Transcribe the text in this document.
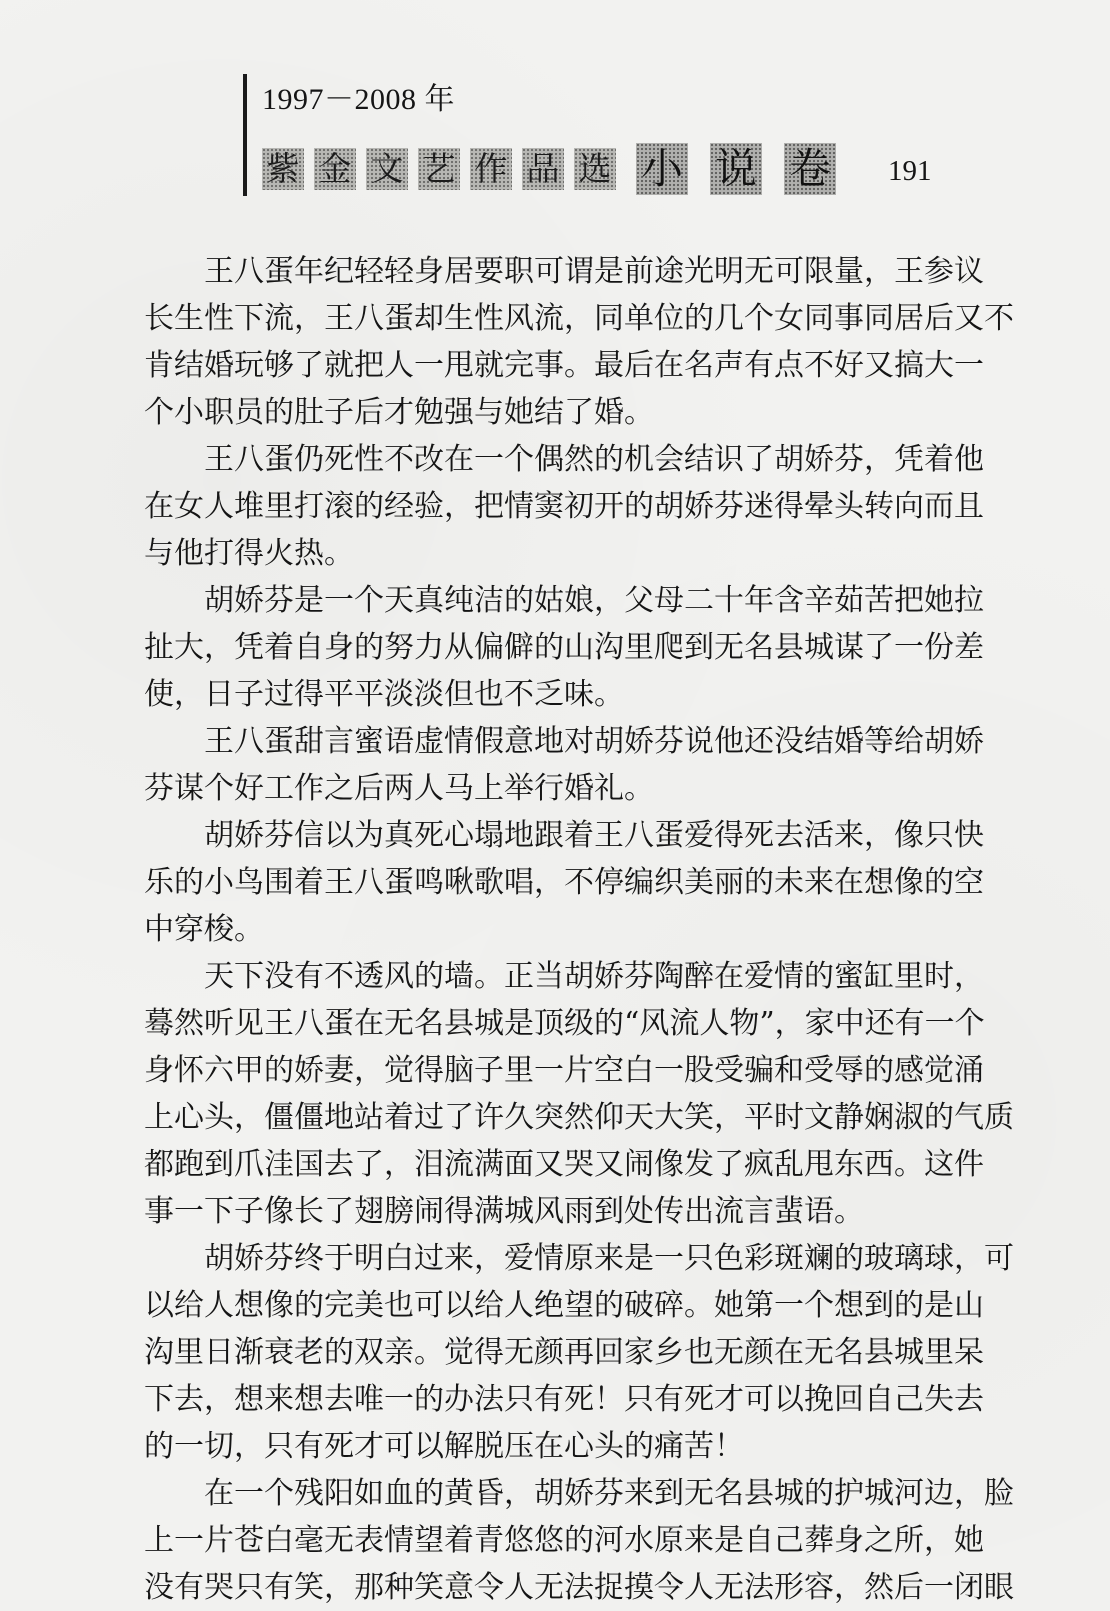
1997－2008 年
紫 金 文 艺 作 品 选 小 说 卷 191
王八蛋年纪轻轻身居要职可谓是前途光明无可限量，王参议
长生性下流，王八蛋却生性风流，同单位的几个女同事同居后又不
肯结婚玩够了就把人一甩就完事。最后在名声有点不好又搞大一
个小职员的肚子后才勉强与她结了婚。
王八蛋仍死性不改在一个偶然的机会结识了胡娇芬，凭着他
在女人堆里打滚的经验，把情窦初开的胡娇芬迷得晕头转向而且
与他打得火热。
胡娇芬是一个天真纯洁的姑娘，父母二十年含辛茹苦把她拉
扯大，凭着自身的努力从偏僻的山沟里爬到无名县城谋了一份差
使，日子过得平平淡淡但也不乏味。
王八蛋甜言蜜语虚情假意地对胡娇芬说他还没结婚等给胡娇
芬谋个好工作之后两人马上举行婚礼。
胡娇芬信以为真死心塌地跟着王八蛋爱得死去活来，像只快
乐的小鸟围着王八蛋鸣啾歌唱，不停编织美丽的未来在想像的空
中穿梭。
天下没有不透风的墙。正当胡娇芬陶醉在爱情的蜜缸里时，
蓦然听见王八蛋在无名县城是顶级的“风流人物”，家中还有一个
身怀六甲的娇妻，觉得脑子里一片空白一股受骗和受辱的感觉涌
上心头，僵僵地站着过了许久突然仰天大笑，平时文静娴淑的气质
都跑到爪洼国去了，泪流满面又哭又闹像发了疯乱甩东西。这件
事一下子像长了翅膀闹得满城风雨到处传出流言蜚语。
胡娇芬终于明白过来，爱情原来是一只色彩斑斓的玻璃球，可
以给人想像的完美也可以给人绝望的破碎。她第一个想到的是山
沟里日渐衰老的双亲。觉得无颜再回家乡也无颜在无名县城里呆
下去，想来想去唯一的办法只有死！只有死才可以挽回自己失去
的一切，只有死才可以解脱压在心头的痛苦！
在一个残阳如血的黄昏，胡娇芬来到无名县城的护城河边，脸
上一片苍白毫无表情望着青悠悠的河水原来是自己葬身之所，她
没有哭只有笑，那种笑意令人无法捉摸令人无法形容，然后一闭眼
